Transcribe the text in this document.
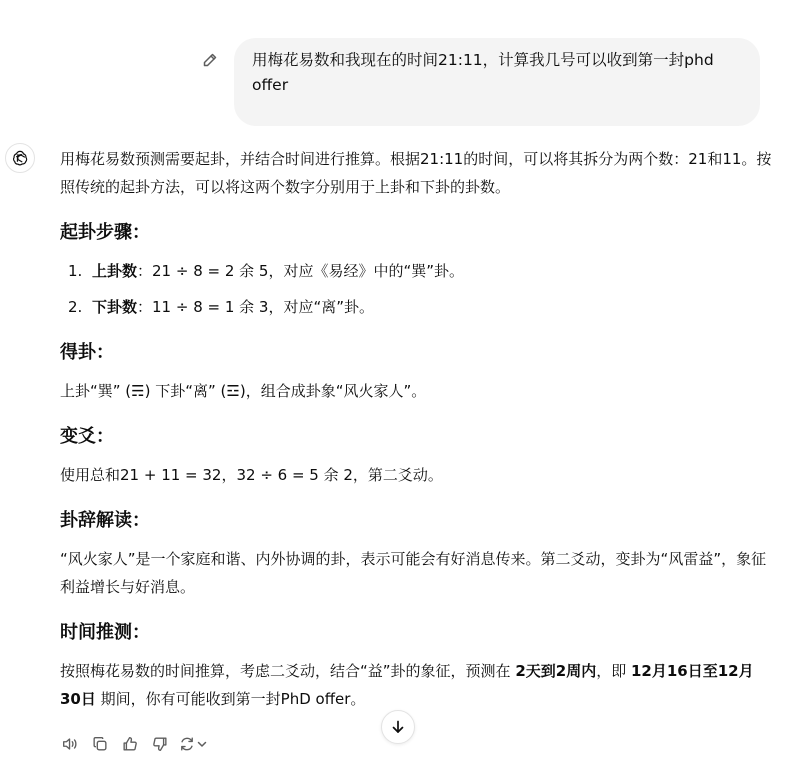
用梅花易数和我现在的时间21:11，计算我几号可以收到第一封phd offer

用梅花易数预测需要起卦，并结合时间进行推算。根据21:11的时间，可以将其拆分为两个数：21和11。按照传统的起卦方法，可以将这两个数字分别用于上卦和下卦的卦数。

起卦步骤：
1. 上卦数：21 ÷ 8 = 2 余 5，对应《易经》中的“巽”卦。
2. 下卦数：11 ÷ 8 = 1 余 3，对应“离”卦。
得卦：

上卦“巽” (☴) 下卦“离” (☲)，组合成卦象“风火家人”。

变爻：

使用总和21 + 11 = 32，32 ÷ 6 = 5 余 2，第二爻动。

卦辞解读：

“风火家人”是一个家庭和谐、内外协调的卦，表示可能会有好消息传来。第二爻动，变卦为“风雷益”，象征利益增长与好消息。

时间推测：

按照梅花易数的时间推算，考虑二爻动，结合“益”卦的象征，预测在 2天到2周内，即 12月16日至12月30日 期间，你有可能收到第一封PhD offer。
